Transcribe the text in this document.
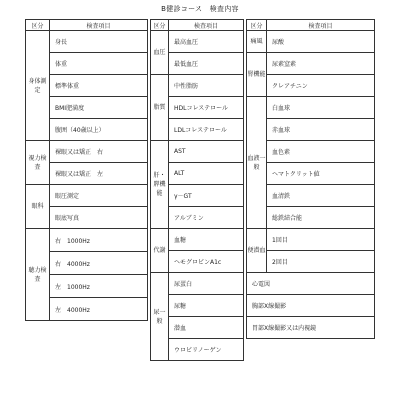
B健診コース　検査内容
区分	検査項目
身体測定	身長
	体重
	標準体重
	BMI肥満度
	腹囲（40歳以上）
視力検査	裸眼又は矯正　右
	裸眼又は矯正　左
眼科	眼圧測定
	眼底写真
聴力検査	右　1000Hz
	右　4000Hz
	左　1000Hz
	左　4000Hz
区分	検査項目
血圧	最高血圧
	最低血圧
脂質	中性脂肪
	HDLコレステロール
	LDLコレステロール
肝・膵機能	AST
	ALT
	γ－GT
	アルブミン
代謝	血糖
	ヘモグロビンA1c
尿一般	尿蛋白
	尿糖
	潜血
	ウロビリノーゲン
区分	検査項目
痛風	尿酸
腎機能	尿素窒素
	クレアチニン
血液一般	白血球
	赤血球
	血色素
	ヘマトクリット値
	血清鉄
	総鉄結合能
便潜血	1回目
	2回目
心電図	
胸部X線撮影	
胃部X線撮影又は内視鏡	
